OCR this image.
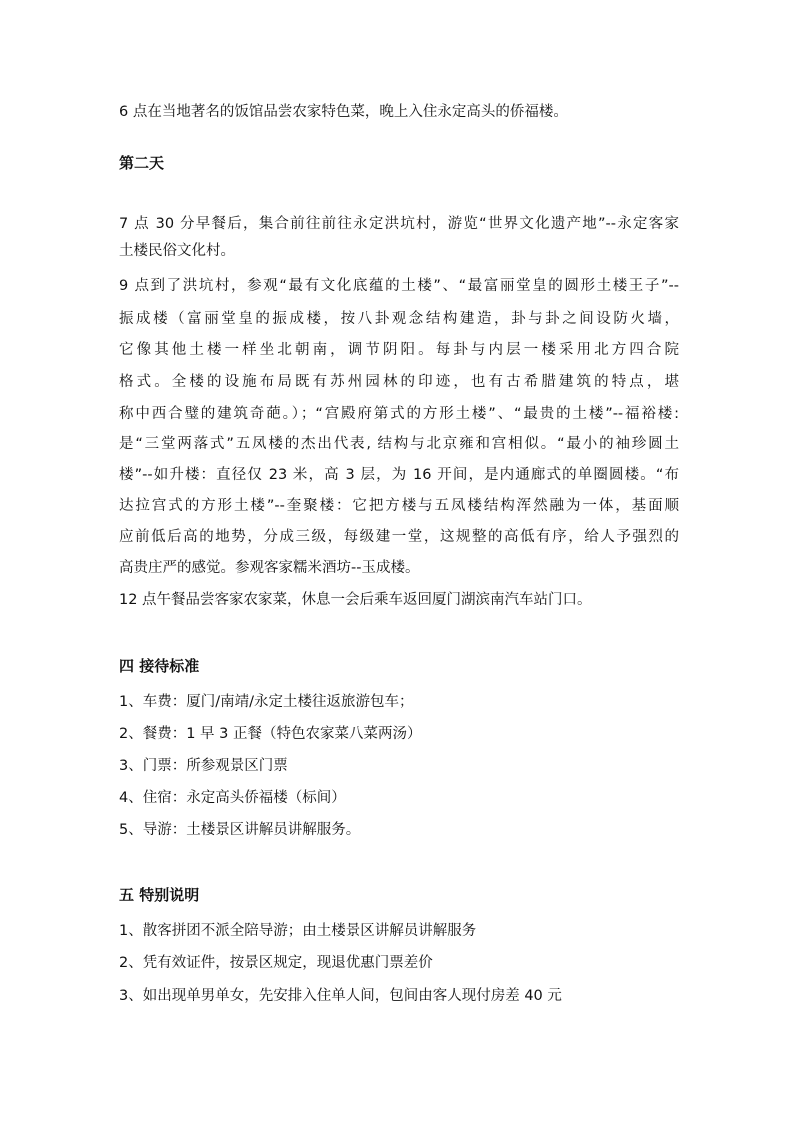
6 点在当地著名的饭馆品尝农家特色菜，晚上入住永定高头的侨福楼。
第二天
7 点 30 分早餐后，集合前往前往永定洪坑村，游览“世界文化遗产地”--永定客家
土楼民俗文化村。
9 点到了洪坑村，参观“最有文化底蕴的土楼”、“最富丽堂皇的圆形土楼王子”--
振成楼（富丽堂皇的振成楼，按八卦观念结构建造，卦与卦之间设防火墙，
它像其他土楼一样坐北朝南，调节阴阳。每卦与内层一楼采用北方四合院
格式。全楼的设施布局既有苏州园林的印迹，也有古希腊建筑的特点，堪
称中西合璧的建筑奇葩。）；“宫殿府第式的方形土楼”、“最贵的土楼”--福裕楼:
是“三堂两落式”五凤楼的杰出代表, 结构与北京雍和宫相似。“最小的袖珍圆土
楼”--如升楼：直径仅 23 米，高 3 层，为 16 开间，是内通廊式的单圈圆楼。“布
达拉宫式的方形土楼”--奎聚楼：它把方楼与五凤楼结构浑然融为一体，基面顺
应前低后高的地势，分成三级，每级建一堂，这规整的高低有序，给人予强烈的
高贵庄严的感觉。参观客家糯米酒坊--玉成楼。
12 点午餐品尝客家农家菜，休息一会后乘车返回厦门湖滨南汽车站门口。
四 接待标准
1、车费：厦门/南靖/永定土楼往返旅游包车；
2、餐费：1 早 3 正餐（特色农家菜八菜两汤）
3、门票：所参观景区门票
4、住宿：永定高头侨福楼（标间）
5、导游：土楼景区讲解员讲解服务。
五 特别说明
1、散客拼团不派全陪导游；由土楼景区讲解员讲解服务
2、凭有效证件，按景区规定，现退优惠门票差价
3、如出现单男单女，先安排入住单人间，包间由客人现付房差 40 元
